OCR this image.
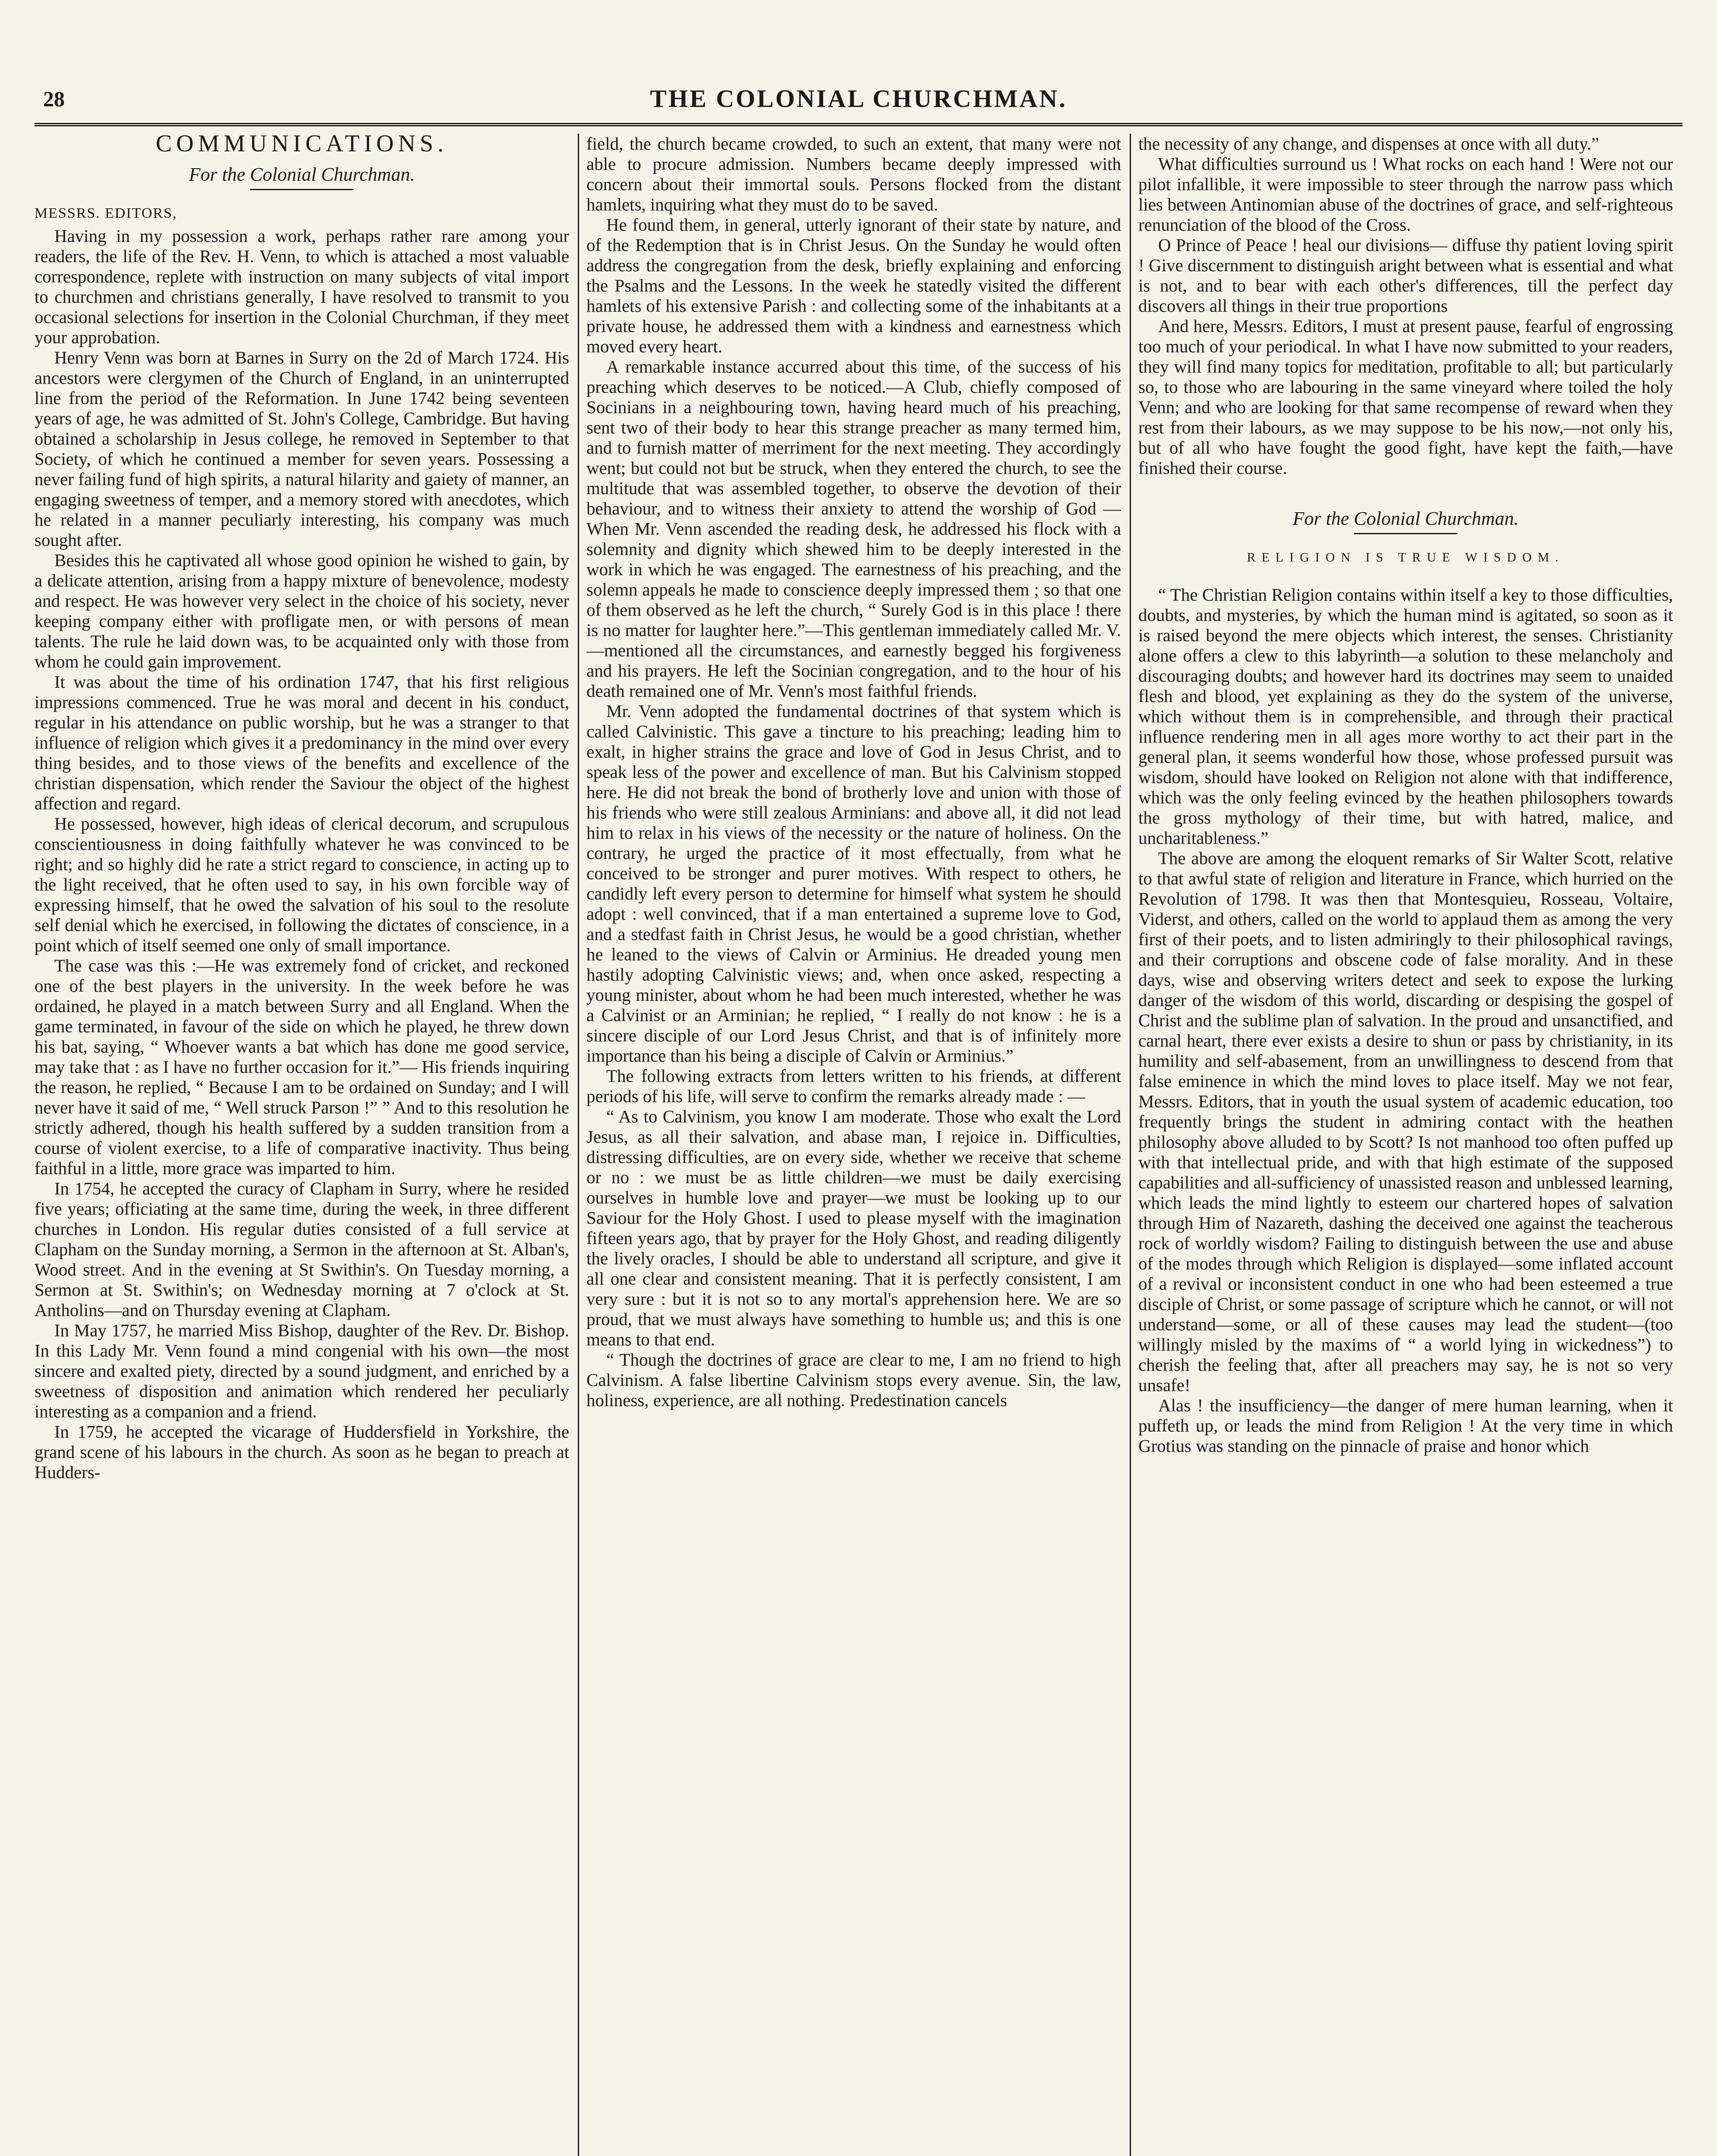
28	THE COLONIAL CHURCHMAN.

COMMUNICATIONS.

For the Colonial Churchman.

MESSRS. EDITORS,

Having in my possession a work, perhaps rather rare among your readers, the life of the Rev. H. Venn, to which is attached a most valuable correspondence, replete with instruction on many subjects of vital import to churchmen and christians generally, I have resolved to transmit to you occasional selections for insertion in the Colonial Churchman, if they meet your approbation.

Henry Venn was born at Barnes in Surry on the 2d of March 1724. His ancestors were clergymen of the Church of England, in an uninterrupted line from the period of the Reformation. In June 1742 being seventeen years of age, he was admitted of St. John's College, Cambridge. But having obtained a scholarship in Jesus college, he removed in September to that Society, of which he continued a member for seven years. Possessing a never failing fund of high spirits, a natural hilarity and gaiety of manner, an engaging sweetness of temper, and a memory stored with anecdotes, which he related in a manner peculiarly interesting, his company was much sought after.

Besides this he captivated all whose good opinion he wished to gain, by a delicate attention, arising from a happy mixture of benevolence, modesty and respect. He was however very select in the choice of his society, never keeping company either with profligate men, or with persons of mean talents. The rule he laid down was, to be acquainted only with those from whom he could gain improvement.

It was about the time of his ordination 1747, that his first religious impressions commenced. True he was moral and decent in his conduct, regular in his attendance on public worship, but he was a stranger to that influence of religion which gives it a predominancy in the mind over every thing besides, and to those views of the benefits and excellence of the christian dispensation, which render the Saviour the object of the highest affection and regard.

He possessed, however, high ideas of clerical decorum, and scrupulous conscientiousness in doing faithfully whatever he was convinced to be right; and so highly did he rate a strict regard to conscience, in acting up to the light received, that he often used to say, in his own forcible way of expressing himself, that he owed the salvation of his soul to the resolute self denial which he exercised, in following the dictates of conscience, in a point which of itself seemed one only of small importance.

The case was this :—He was extremely fond of cricket, and reckoned one of the best players in the university. In the week before he was ordained, he played in a match between Surry and all England. When the game terminated, in favour of the side on which he played, he threw down his bat, saying, “ Whoever wants a bat which has done me good service, may take that : as I have no further occasion for it.”— His friends inquiring the reason, he replied, “ Because I am to be ordained on Sunday; and I will never have it said of me, “ Well struck Parson !” ” And to this resolution he strictly adhered, though his health suffered by a sudden transition from a course of violent exercise, to a life of comparative inactivity. Thus being faithful in a little, more grace was imparted to him.

In 1754, he accepted the curacy of Clapham in Surry, where he resided five years; officiating at the same time, during the week, in three different churches in London. His regular duties consisted of a full service at Clapham on the Sunday morning, a Sermon in the afternoon at St. Alban's, Wood street. And in the evening at St Swithin's. On Tuesday morning, a Sermon at St. Swithin's; on Wednesday morning at 7 o'clock at St. Antholins—and on Thursday evening at Clapham.

In May 1757, he married Miss Bishop, daughter of the Rev. Dr. Bishop. In this Lady Mr. Venn found a mind congenial with his own—the most sincere and exalted piety, directed by a sound judgment, and enriched by a sweetness of disposition and animation which rendered her peculiarly interesting as a companion and a friend.

In 1759, he accepted the vicarage of Huddersfield in Yorkshire, the grand scene of his labours in the church. As soon as he began to preach at Hudders-

field, the church became crowded, to such an extent, that many were not able to procure admission. Numbers became deeply impressed with concern about their immortal souls. Persons flocked from the distant hamlets, inquiring what they must do to be saved.

He found them, in general, utterly ignorant of their state by nature, and of the Redemption that is in Christ Jesus. On the Sunday he would often address the congregation from the desk, briefly explaining and enforcing the Psalms and the Lessons. In the week he statedly visited the different hamlets of his extensive Parish : and collecting some of the inhabitants at a private house, he addressed them with a kindness and earnestness which moved every heart.

A remarkable instance accurred about this time, of the success of his preaching which deserves to be noticed.—A Club, chiefly composed of Socinians in a neighbouring town, having heard much of his preaching, sent two of their body to hear this strange preacher as many termed him, and to furnish matter of merriment for the next meeting. They accordingly went; but could not but be struck, when they entered the church, to see the multitude that was assembled together, to observe the devotion of their behaviour, and to witness their anxiety to attend the worship of God —When Mr. Venn ascended the reading desk, he addressed his flock with a solemnity and dignity which shewed him to be deeply interested in the work in which he was engaged. The earnestness of his preaching, and the solemn appeals he made to conscience deeply impressed them ; so that one of them observed as he left the church, “ Surely God is in this place ! there is no matter for laughter here.”—This gentleman immediately called Mr. V.—mentioned all the circumstances, and earnestly begged his forgiveness and his prayers. He left the Socinian congregation, and to the hour of his death remained one of Mr. Venn's most faithful friends.

Mr. Venn adopted the fundamental doctrines of that system which is called Calvinistic. This gave a tincture to his preaching; leading him to exalt, in higher strains the grace and love of God in Jesus Christ, and to speak less of the power and excellence of man. But his Calvinism stopped here. He did not break the bond of brotherly love and union with those of his friends who were still zealous Arminians: and above all, it did not lead him to relax in his views of the necessity or the nature of holiness. On the contrary, he urged the practice of it most effectually, from what he conceived to be stronger and purer motives. With respect to others, he candidly left every person to determine for himself what system he should adopt : well convinced, that if a man entertained a supreme love to God, and a stedfast faith in Christ Jesus, he would be a good christian, whether he leaned to the views of Calvin or Arminius. He dreaded young men hastily adopting Calvinistic views; and, when once asked, respecting a young minister, about whom he had been much interested, whether he was a Calvinist or an Arminian; he replied, “ I really do not know : he is a sincere disciple of our Lord Jesus Christ, and that is of infinitely more importance than his being a disciple of Calvin or Arminius.”

The following extracts from letters written to his friends, at different periods of his life, will serve to confirm the remarks already made : —

“ As to Calvinism, you know I am moderate. Those who exalt the Lord Jesus, as all their salvation, and abase man, I rejoice in. Difficulties, distressing difficulties, are on every side, whether we receive that scheme or no : we must be as little children—we must be daily exercising ourselves in humble love and prayer—we must be looking up to our Saviour for the Holy Ghost. I used to please myself with the imagination fifteen years ago, that by prayer for the Holy Ghost, and reading diligently the lively oracles, I should be able to understand all scripture, and give it all one clear and consistent meaning. That it is perfectly consistent, I am very sure : but it is not so to any mortal's apprehension here. We are so proud, that we must always have something to humble us; and this is one means to that end.

“ Though the doctrines of grace are clear to me, I am no friend to high Calvinism. A false libertine Calvinism stops every avenue. Sin, the law, holiness, experience, are all nothing. Predestination cancels

the necessity of any change, and dispenses at once with all duty.”

What difficulties surround us ! What rocks on each hand ! Were not our pilot infallible, it were impossible to steer through the narrow pass which lies between Antinomian abuse of the doctrines of grace, and self-righteous renunciation of the blood of the Cross.

O Prince of Peace ! heal our divisions— diffuse thy patient loving spirit ! Give discernment to distinguish aright between what is essential and what is not, and to bear with each other's differences, till the perfect day discovers all things in their true proportions

And here, Messrs. Editors, I must at present pause, fearful of engrossing too much of your periodical. In what I have now submitted to your readers, they will find many topics for meditation, profitable to all; but particularly so, to those who are labouring in the same vineyard where toiled the holy Venn; and who are looking for that same recompense of reward when they rest from their labours, as we may suppose to be his now,—not only his, but of all who have fought the good fight, have kept the faith,—have finished their course.

For the Colonial Churchman.

RELIGION IS TRUE WISDOM.

“ The Christian Religion contains within itself a key to those difficulties, doubts, and mysteries, by which the human mind is agitated, so soon as it is raised beyond the mere objects which interest, the senses. Christianity alone offers a clew to this labyrinth—a solution to these melancholy and discouraging doubts; and however hard its doctrines may seem to unaided flesh and blood, yet explaining as they do the system of the universe, which without them is in comprehensible, and through their practical influence rendering men in all ages more worthy to act their part in the general plan, it seems wonderful how those, whose professed pursuit was wisdom, should have looked on Religion not alone with that indifference, which was the only feeling evinced by the heathen philosophers towards the gross mythology of their time, but with hatred, malice, and uncharitableness.”

The above are among the eloquent remarks of Sir Walter Scott, relative to that awful state of religion and literature in France, which hurried on the Revolution of 1798. It was then that Montesquieu, Rosseau, Voltaire, Viderst, and others, called on the world to applaud them as among the very first of their poets, and to listen admiringly to their philosophical ravings, and their corruptions and obscene code of false morality. And in these days, wise and observing writers detect and seek to expose the lurking danger of the wisdom of this world, discarding or despising the gospel of Christ and the sublime plan of salvation. In the proud and unsanctified, and carnal heart, there ever exists a desire to shun or pass by christianity, in its humility and self-abasement, from an unwillingness to descend from that false eminence in which the mind loves to place itself. May we not fear, Messrs. Editors, that in youth the usual system of academic education, too frequently brings the student in admiring contact with the heathen philosophy above alluded to by Scott? Is not manhood too often puffed up with that intellectual pride, and with that high estimate of the supposed capabilities and all-sufficiency of unassisted reason and unblessed learning, which leads the mind lightly to esteem our chartered hopes of salvation through Him of Nazareth, dashing the deceived one against the teacherous rock of worldly wisdom? Failing to distinguish between the use and abuse of the modes through which Religion is displayed—some inflated account of a revival or inconsistent conduct in one who had been esteemed a true disciple of Christ, or some passage of scripture which he cannot, or will not understand—some, or all of these causes may lead the student—(too willingly misled by the maxims of “ a world lying in wickedness”) to cherish the feeling that, after all preachers may say, he is not so very unsafe!

Alas ! the insufficiency—the danger of mere human learning, when it puffeth up, or leads the mind from Religion ! At the very time in which Grotius was standing on the pinnacle of praise and honor which
